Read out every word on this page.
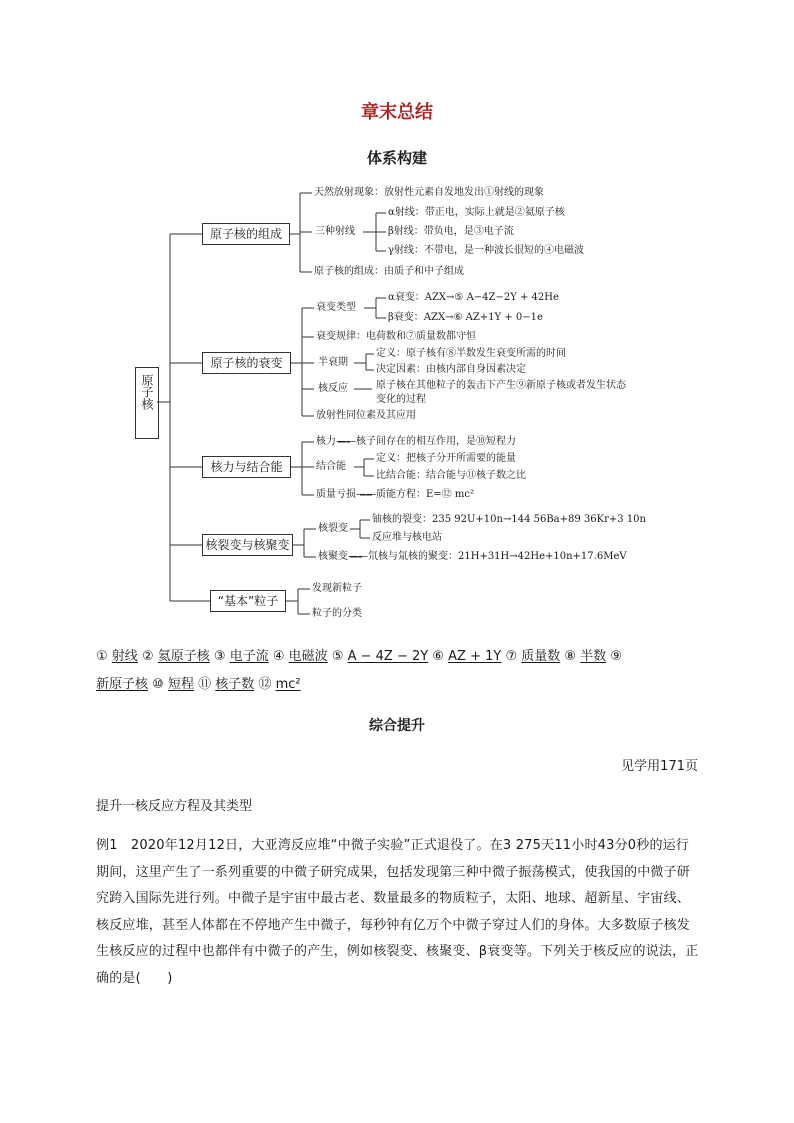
章末总结
体系构建
原子核
原子核的组成
原子核的衰变
核力与结合能
核裂变与核聚变
“基本”粒子
天然放射现象：放射性元素自发地发出①射线的现象
三种射线
α射线：带正电，实际上就是②氦原子核
β射线：带负电，是③电子流
γ射线：不带电，是一种波长很短的④电磁波
原子核的组成：由质子和中子组成
衰变类型
α衰变：AZX→⑤ A−4Z−2Y + 42He
β衰变：AZX→⑥ AZ+1Y + 0−1e
衰变规律：电荷数和⑦质量数都守恒
半衰期
定义：原子核有⑧半数发生衰变所需的时间
决定因素：由核内部自身因素决定
核反应	原子核在其他粒子的轰击下产生⑨新原子核或者发生状态
变化的过程
放射性同位素及其应用
核力——核子间存在的相互作用，是⑩短程力
结合能
定义：把核子分开所需要的能量
比结合能：结合能与⑪核子数之比
质量亏损——质能方程：E=⑫ mc²
核裂变
铀核的裂变：235 92U+10n→144 56Ba+89 36Kr+3 10n
反应堆与核电站
核聚变——氘核与氚核的聚变：21H+31H→42He+10n+17.6MeV
发现新粒子
粒子的分类
① 射线 ② 氦原子核 ③ 电子流 ④ 电磁波 ⑤ A − 4Z − 2Y ⑥ AZ + 1Y ⑦ 质量数 ⑧ 半数 ⑨
新原子核 ⑩ 短程 ⑪ 核子数 ⑫ mc²
综合提升
见学用171页
提升一核反应方程及其类型
例1　2020年12月12日，大亚湾反应堆“中微子实验”正式退役了。在3 275天11小时43分0秒的运行期间，这里产生了一系列重要的中微子研究成果，包括发现第三种中微子振荡模式，使我国的中微子研究跨入国际先进行列。中微子是宇宙中最古老、数量最多的物质粒子，太阳、地球、超新星、宇宙线、核反应堆，甚至人体都在不停地产生中微子，每秒钟有亿万个中微子穿过人们的身体。大多数原子核发生核反应的过程中也都伴有中微子的产生，例如核裂变、核聚变、β衰变等。下列关于核反应的说法，正确的是(　　)
